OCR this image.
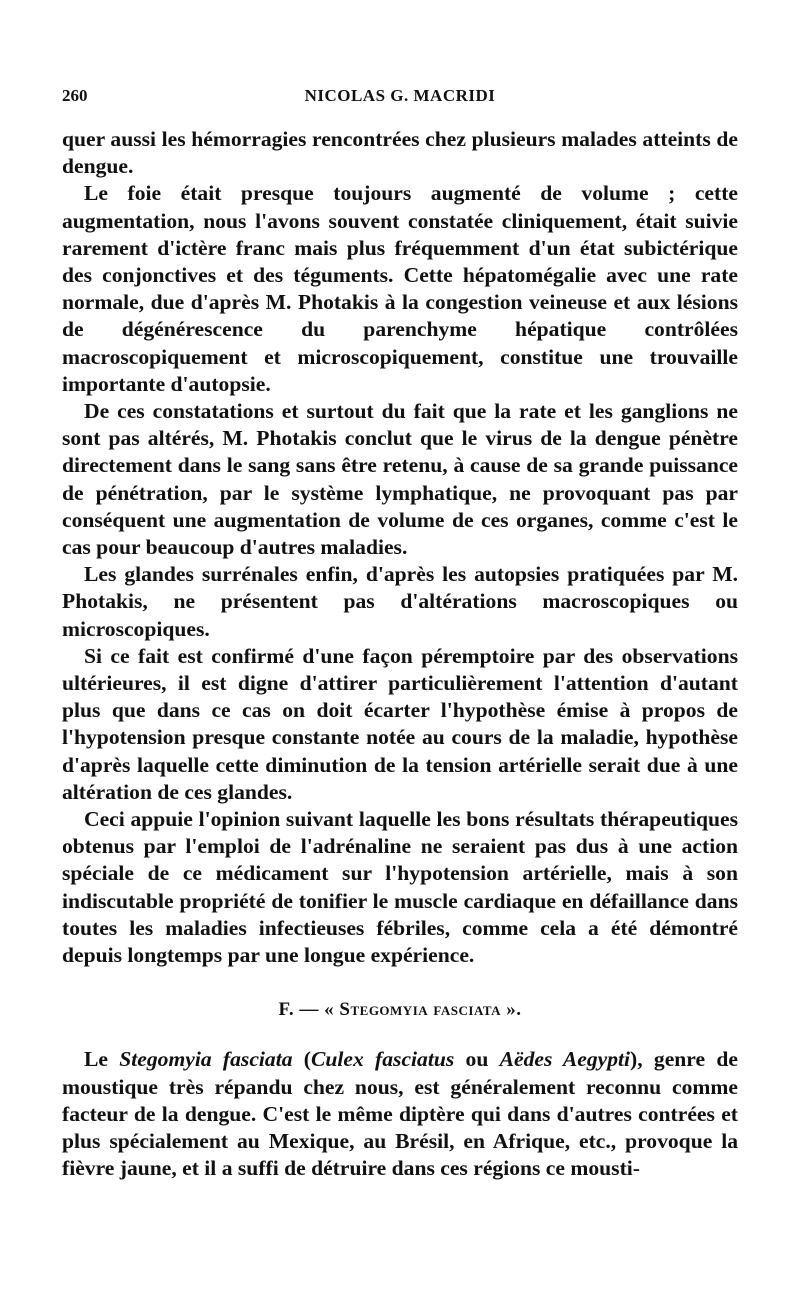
260	NICOLAS G. MACRIDI

quer aussi les hémorragies rencontrées chez plusieurs malades atteints de dengue.

Le foie était presque toujours augmenté de volume ; cette augmentation, nous l'avons souvent constatée cliniquement, était suivie rarement d'ictère franc mais plus fréquemment d'un état subictérique des conjonctives et des téguments. Cette hépatomégalie avec une rate normale, due d'après M. Photakis à la congestion veineuse et aux lésions de dégénérescence du parenchyme hépatique contrôlées macroscopiquement et microscopiquement, constitue une trouvaille importante d'autopsie.

De ces constatations et surtout du fait que la rate et les ganglions ne sont pas altérés, M. Photakis conclut que le virus de la dengue pénètre directement dans le sang sans être retenu, à cause de sa grande puissance de pénétration, par le système lymphatique, ne provoquant pas par conséquent une augmentation de volume de ces organes, comme c'est le cas pour beaucoup d'autres maladies.

Les glandes surrénales enfin, d'après les autopsies pratiquées par M. Photakis, ne présentent pas d'altérations macroscopiques ou microscopiques.

Si ce fait est confirmé d'une façon péremptoire par des observations ultérieures, il est digne d'attirer particulièrement l'attention d'autant plus que dans ce cas on doit écarter l'hypothèse émise à propos de l'hypotension presque constante notée au cours de la maladie, hypothèse d'après laquelle cette diminution de la tension artérielle serait due à une altération de ces glandes.

Ceci appuie l'opinion suivant laquelle les bons résultats thérapeutiques obtenus par l'emploi de l'adrénaline ne seraient pas dus à une action spéciale de ce médicament sur l'hypotension artérielle, mais à son indiscutable propriété de tonifier le muscle cardiaque en défaillance dans toutes les maladies infectieuses fébriles, comme cela a été démontré depuis longtemps par une longue expérience.

F. — « Stegomyia fasciata ».

Le Stegomyia fasciata (Culex fasciatus ou Aëdes Aegypti), genre de moustique très répandu chez nous, est généralement reconnu comme facteur de la dengue. C'est le même diptère qui dans d'autres contrées et plus spécialement au Mexique, au Brésil, en Afrique, etc., provoque la fièvre jaune, et il a suffi de détruire dans ces régions ce mousti-
